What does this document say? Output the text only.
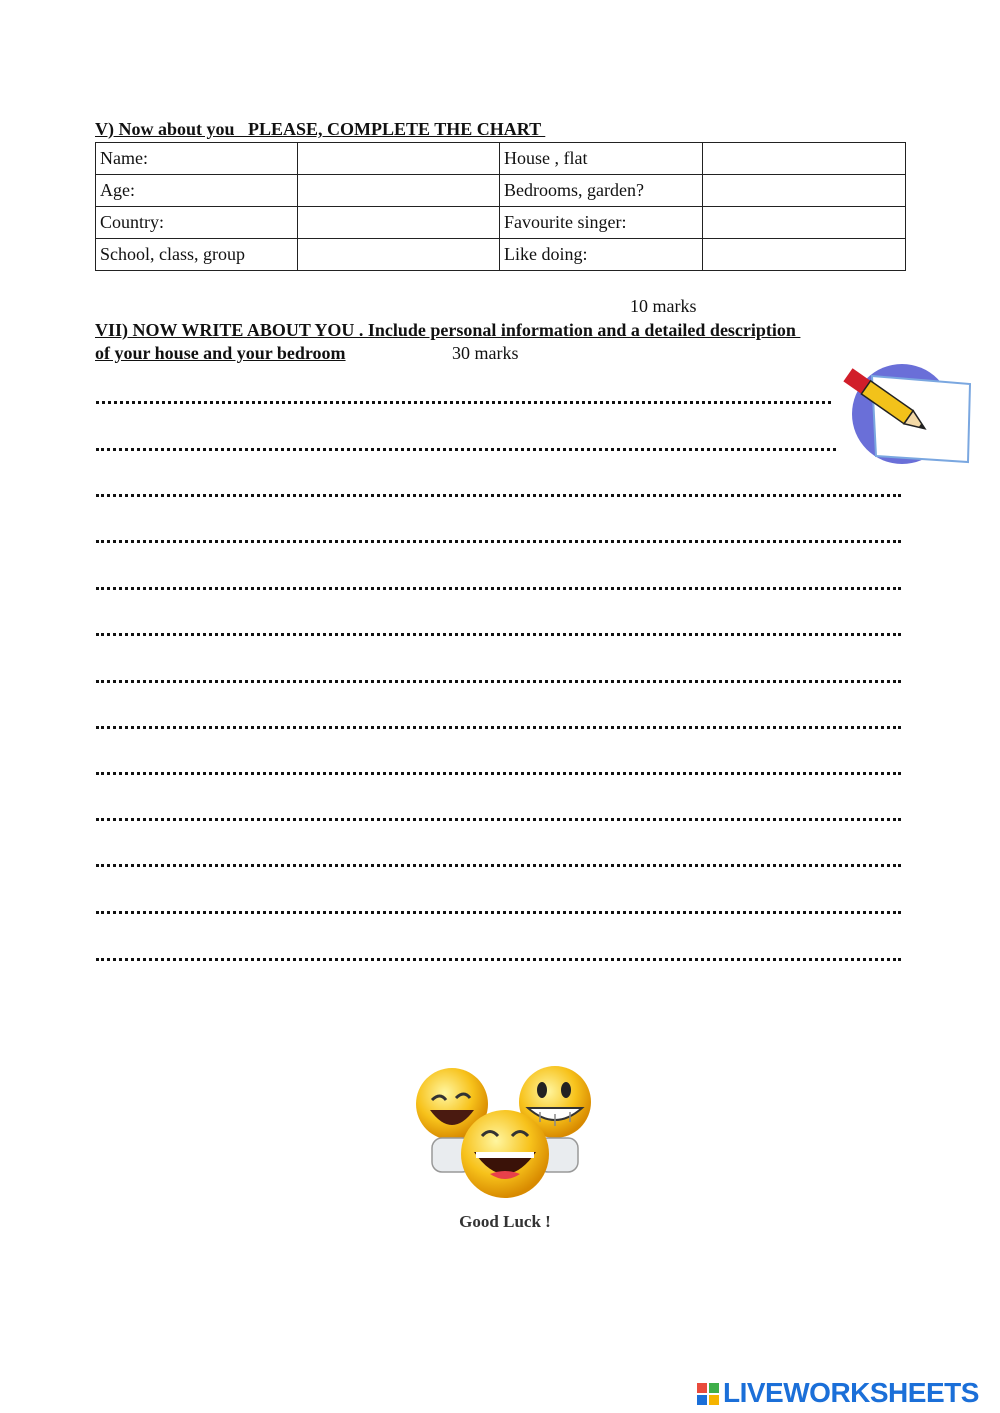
V) Now about you   PLEASE, COMPLETE THE CHART
Name:		House , flat	
Age:		Bedrooms, garden?	
Country:		Favourite singer:	
School, class, group		Like doing:	
10 marks
VII) NOW WRITE ABOUT YOU . Include personal information and a detailed description
of your house and your bedroom	30 marks
Good Luck !
LIVEWORKSHEETS
